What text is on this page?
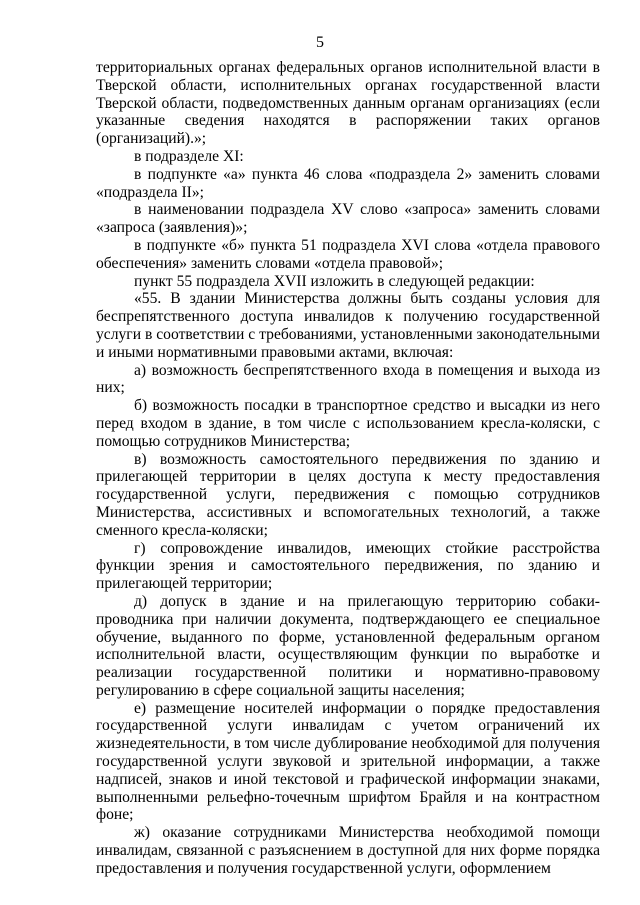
5

территориальных органах федеральных органов исполнительной власти в Тверской области, исполнительных органах государственной власти Тверской области, подведомственных данным органам организациях (если указанные сведения находятся в распоряжении таких органов (организаций).»;

в подразделе XI:

в подпункте «а» пункта 46 слова «подраздела 2» заменить словами «подраздела II»;

в наименовании подраздела XV слово «запроса» заменить словами «запроса (заявления)»;

в подпункте «б» пункта 51 подраздела XVI слова «отдела правового обеспечения» заменить словами «отдела правовой»;

пункт 55 подраздела XVII изложить в следующей редакции:

«55. В здании Министерства должны быть созданы условия для беспрепятственного доступа инвалидов к получению государственной услуги в соответствии с требованиями, установленными законодательными и иными нормативными правовыми актами, включая:

а) возможность беспрепятственного входа в помещения и выхода из них;

б) возможность посадки в транспортное средство и высадки из него перед входом в здание, в том числе с использованием кресла-коляски, с помощью сотрудников Министерства;

в) возможность самостоятельного передвижения по зданию и прилегающей территории в целях доступа к месту предоставления государственной услуги, передвижения с помощью сотрудников Министерства, ассистивных и вспомогательных технологий, а также сменного кресла-коляски;

г) сопровождение инвалидов, имеющих стойкие расстройства функции зрения и самостоятельного передвижения, по зданию и прилегающей территории;

д) допуск в здание и на прилегающую территорию собаки-проводника при наличии документа, подтверждающего ее специальное обучение, выданного по форме, установленной федеральным органом исполнительной власти, осуществляющим функции по выработке и реализации государственной политики и нормативно-правовому регулированию в сфере социальной защиты населения;

е) размещение носителей информации о порядке предоставления государственной услуги инвалидам с учетом ограничений их жизнедеятельности, в том числе дублирование необходимой для получения государственной услуги звуковой и зрительной информации, а также надписей, знаков и иной текстовой и графической информации знаками, выполненными рельефно-точечным шрифтом Брайля и на контрастном фоне;

ж) оказание сотрудниками Министерства необходимой помощи инвалидам, связанной с разъяснением в доступной для них форме порядка предоставления и получения государственной услуги, оформлением
